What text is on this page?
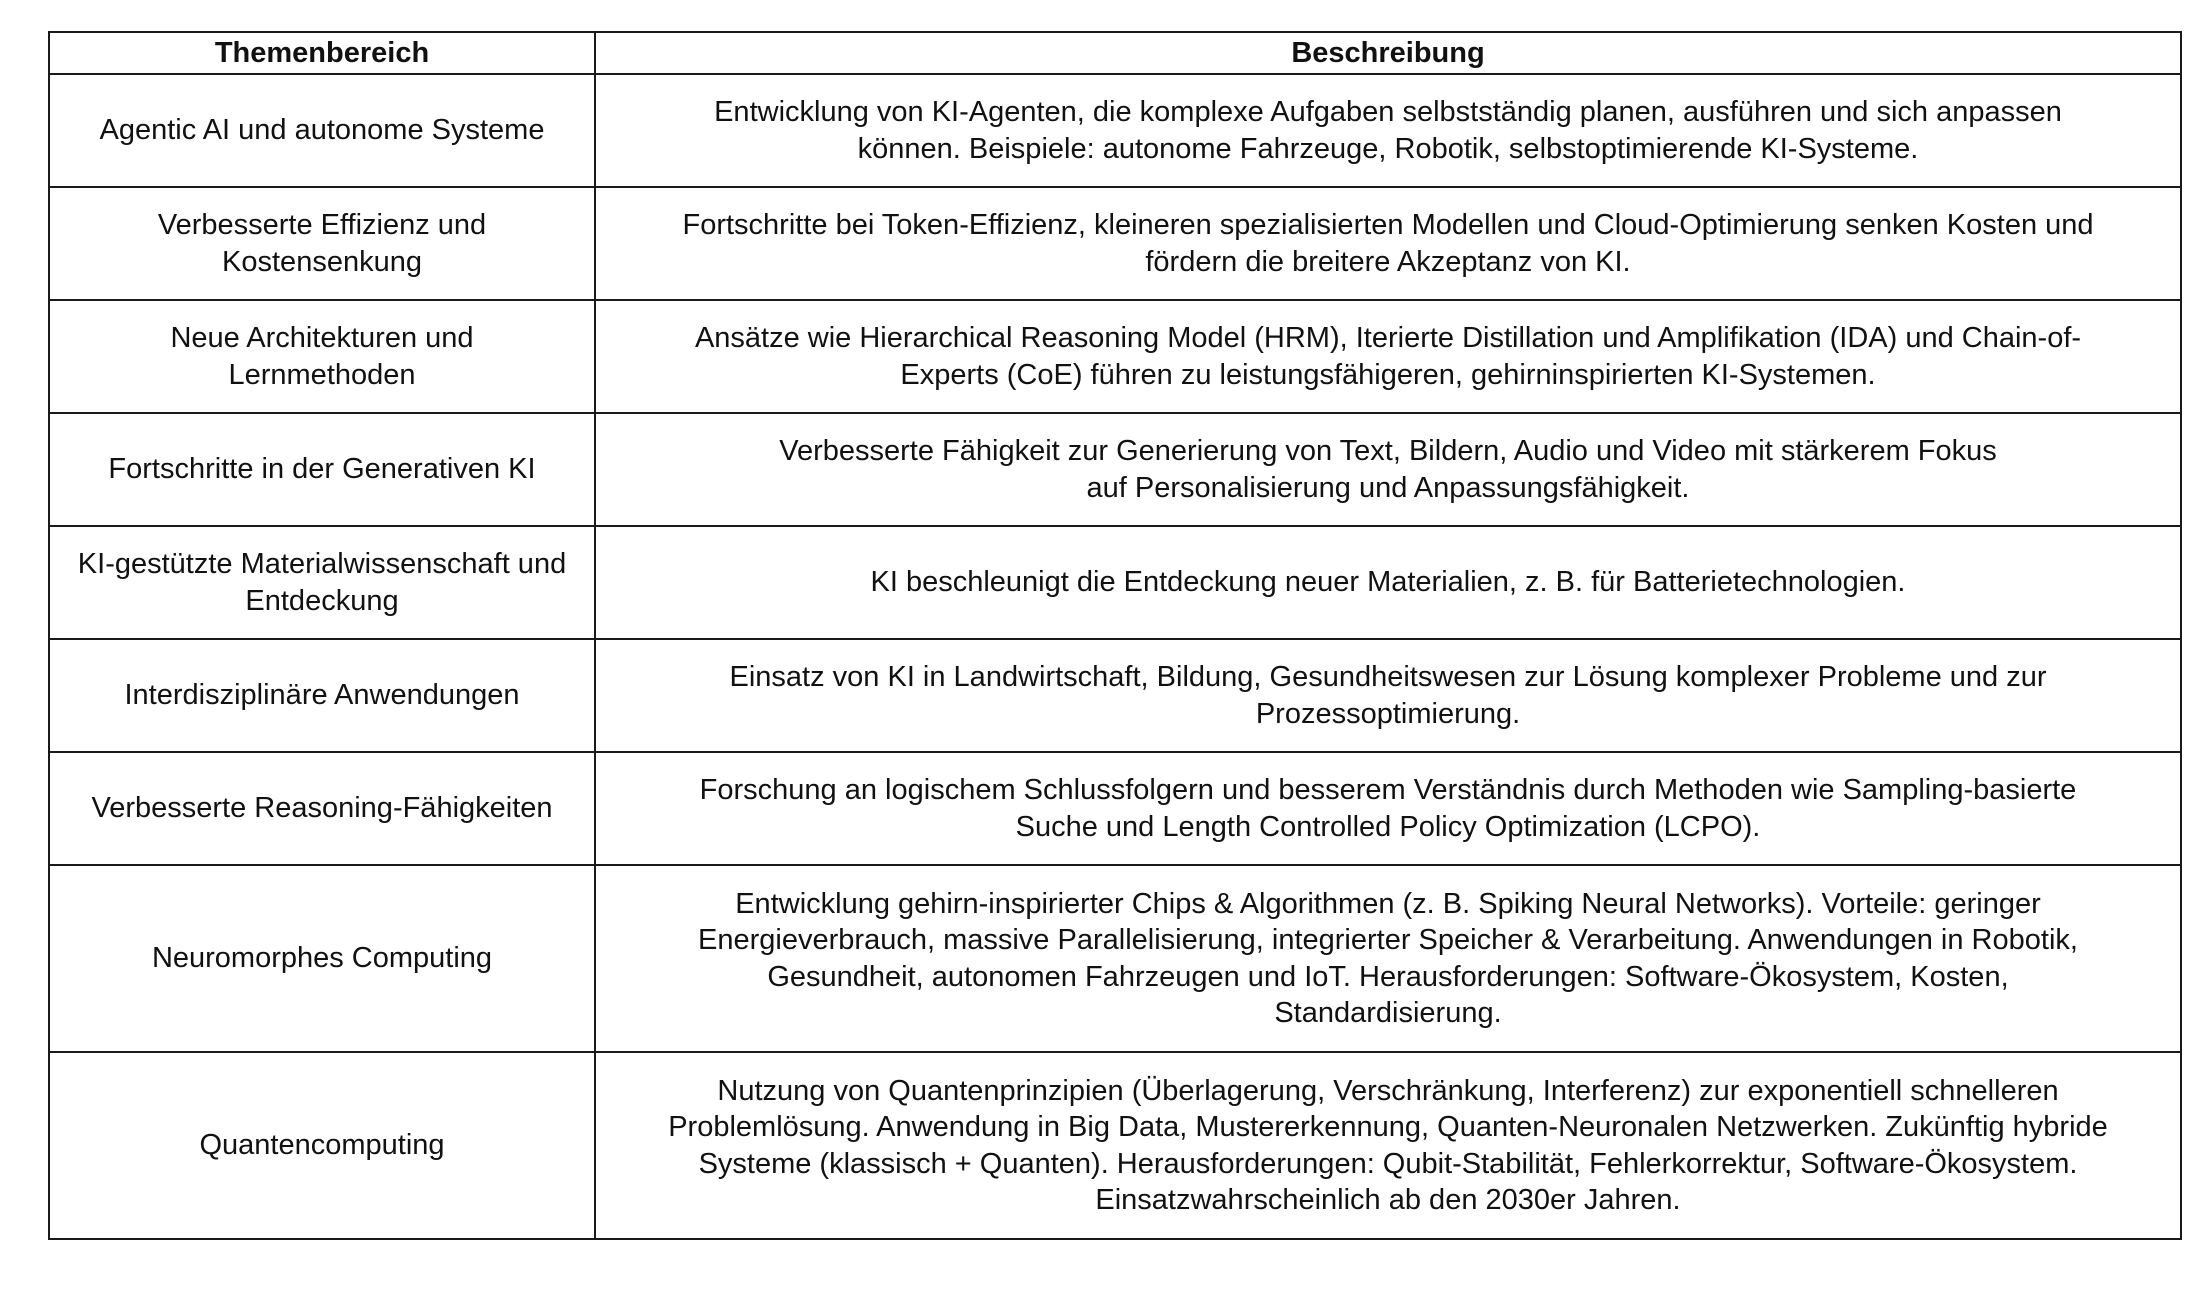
Themenbereich	Beschreibung
Agentic AI und autonome Systeme	Entwicklung von KI-Agenten, die komplexe Aufgaben selbstständig planen, ausführen und sich anpassen
können. Beispiele: autonome Fahrzeuge, Robotik, selbstoptimierende KI-Systeme.
Verbesserte Effizienz und
Kostensenkung	Fortschritte bei Token-Effizienz, kleineren spezialisierten Modellen und Cloud-Optimierung senken Kosten und
fördern die breitere Akzeptanz von KI.
Neue Architekturen und
Lernmethoden	Ansätze wie Hierarchical Reasoning Model (HRM), Iterierte Distillation und Amplifikation (IDA) und Chain-of-
Experts (CoE) führen zu leistungsfähigeren, gehirninspirierten KI-Systemen.
Fortschritte in der Generativen KI	Verbesserte Fähigkeit zur Generierung von Text, Bildern, Audio und Video mit stärkerem Fokus
auf Personalisierung und Anpassungsfähigkeit.
KI-gestützte Materialwissenschaft und
Entdeckung	KI beschleunigt die Entdeckung neuer Materialien, z. B. für Batterietechnologien.
Interdisziplinäre Anwendungen	Einsatz von KI in Landwirtschaft, Bildung, Gesundheitswesen zur Lösung komplexer Probleme und zur
Prozessoptimierung.
Verbesserte Reasoning-Fähigkeiten	Forschung an logischem Schlussfolgern und besserem Verständnis durch Methoden wie Sampling-basierte
Suche und Length Controlled Policy Optimization (LCPO).
Neuromorphes Computing	Entwicklung gehirn-inspirierter Chips & Algorithmen (z. B. Spiking Neural Networks). Vorteile: geringer
Energieverbrauch, massive Parallelisierung, integrierter Speicher & Verarbeitung. Anwendungen in Robotik,
Gesundheit, autonomen Fahrzeugen und IoT. Herausforderungen: Software-Ökosystem, Kosten,
Standardisierung.
Quantencomputing	Nutzung von Quantenprinzipien (Überlagerung, Verschränkung, Interferenz) zur exponentiell schnelleren
Problemlösung. Anwendung in Big Data, Mustererkennung, Quanten-Neuronalen Netzwerken. Zukünftig hybride
Systeme (klassisch + Quanten). Herausforderungen: Qubit-Stabilität, Fehlerkorrektur, Software-Ökosystem.
Einsatzwahrscheinlich ab den 2030er Jahren.
